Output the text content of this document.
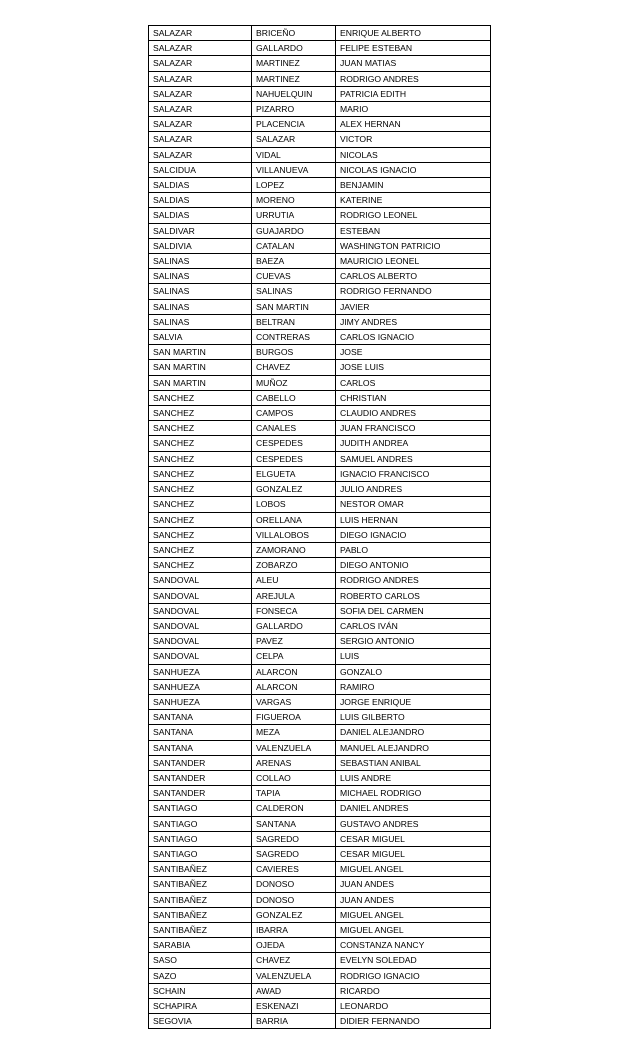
SALAZAR	BRICEÑO	ENRIQUE ALBERTO
SALAZAR	GALLARDO	FELIPE ESTEBAN
SALAZAR	MARTINEZ	JUAN MATIAS
SALAZAR	MARTINEZ	RODRIGO ANDRES
SALAZAR	NAHUELQUIN	PATRICIA EDITH
SALAZAR	PIZARRO	MARIO
SALAZAR	PLACENCIA	ALEX HERNAN
SALAZAR	SALAZAR	VICTOR
SALAZAR	VIDAL	NICOLAS
SALCIDUA	VILLANUEVA	NICOLAS IGNACIO
SALDIAS	LOPEZ	BENJAMIN
SALDIAS	MORENO	KATERINE
SALDIAS	URRUTIA	RODRIGO LEONEL
SALDIVAR	GUAJARDO	ESTEBAN
SALDIVIA	CATALAN	WASHINGTON PATRICIO
SALINAS	BAEZA	MAURICIO LEONEL
SALINAS	CUEVAS	CARLOS ALBERTO
SALINAS	SALINAS	RODRIGO FERNANDO
SALINAS	SAN MARTIN	JAVIER
SALINAS	BELTRAN	JIMY ANDRES
SALVIA	CONTRERAS	CARLOS IGNACIO
SAN MARTIN	BURGOS	JOSE
SAN MARTIN	CHAVEZ	JOSE LUIS
SAN MARTIN	MUÑOZ	CARLOS
SANCHEZ	CABELLO	CHRISTIAN
SANCHEZ	CAMPOS	CLAUDIO ANDRES
SANCHEZ	CANALES	JUAN FRANCISCO
SANCHEZ	CESPEDES	JUDITH ANDREA
SANCHEZ	CESPEDES	SAMUEL ANDRES
SANCHEZ	ELGUETA	IGNACIO FRANCISCO
SANCHEZ	GONZALEZ	JULIO ANDRES
SANCHEZ	LOBOS	NESTOR OMAR
SANCHEZ	ORELLANA	LUIS HERNAN
SANCHEZ	VILLALOBOS	DIEGO IGNACIO
SANCHEZ	ZAMORANO	PABLO
SANCHEZ	ZOBARZO	DIEGO ANTONIO
SANDOVAL	ALEU	RODRIGO ANDRES
SANDOVAL	AREJULA	ROBERTO CARLOS
SANDOVAL	FONSECA	SOFIA DEL CARMEN
SANDOVAL	GALLARDO	CARLOS IVÁN
SANDOVAL	PAVEZ	SERGIO ANTONIO
SANDOVAL	CELPA	LUIS
SANHUEZA	ALARCON	GONZALO
SANHUEZA	ALARCON	RAMIRO
SANHUEZA	VARGAS	JORGE ENRIQUE
SANTANA	FIGUEROA	LUIS GILBERTO
SANTANA	MEZA	DANIEL ALEJANDRO
SANTANA	VALENZUELA	MANUEL ALEJANDRO
SANTANDER	ARENAS	SEBASTIAN ANIBAL
SANTANDER	COLLAO	LUIS ANDRE
SANTANDER	TAPIA	MICHAEL RODRIGO
SANTIAGO	CALDERON	DANIEL ANDRES
SANTIAGO	SANTANA	GUSTAVO ANDRES
SANTIAGO	SAGREDO	CESAR MIGUEL
SANTIAGO	SAGREDO	CESAR MIGUEL
SANTIBAÑEZ	CAVIERES	MIGUEL ANGEL
SANTIBAÑEZ	DONOSO	JUAN ANDES
SANTIBAÑEZ	DONOSO	JUAN ANDES
SANTIBAÑEZ	GONZALEZ	MIGUEL ANGEL
SANTIBAÑEZ	IBARRA	MIGUEL ANGEL
SARABIA	OJEDA	CONSTANZA NANCY
SASO	CHAVEZ	EVELYN SOLEDAD
SAZO	VALENZUELA	RODRIGO IGNACIO
SCHAIN	AWAD	RICARDO
SCHAPIRA	ESKENAZI	LEONARDO
SEGOVIA	BARRIA	DIDIER FERNANDO
